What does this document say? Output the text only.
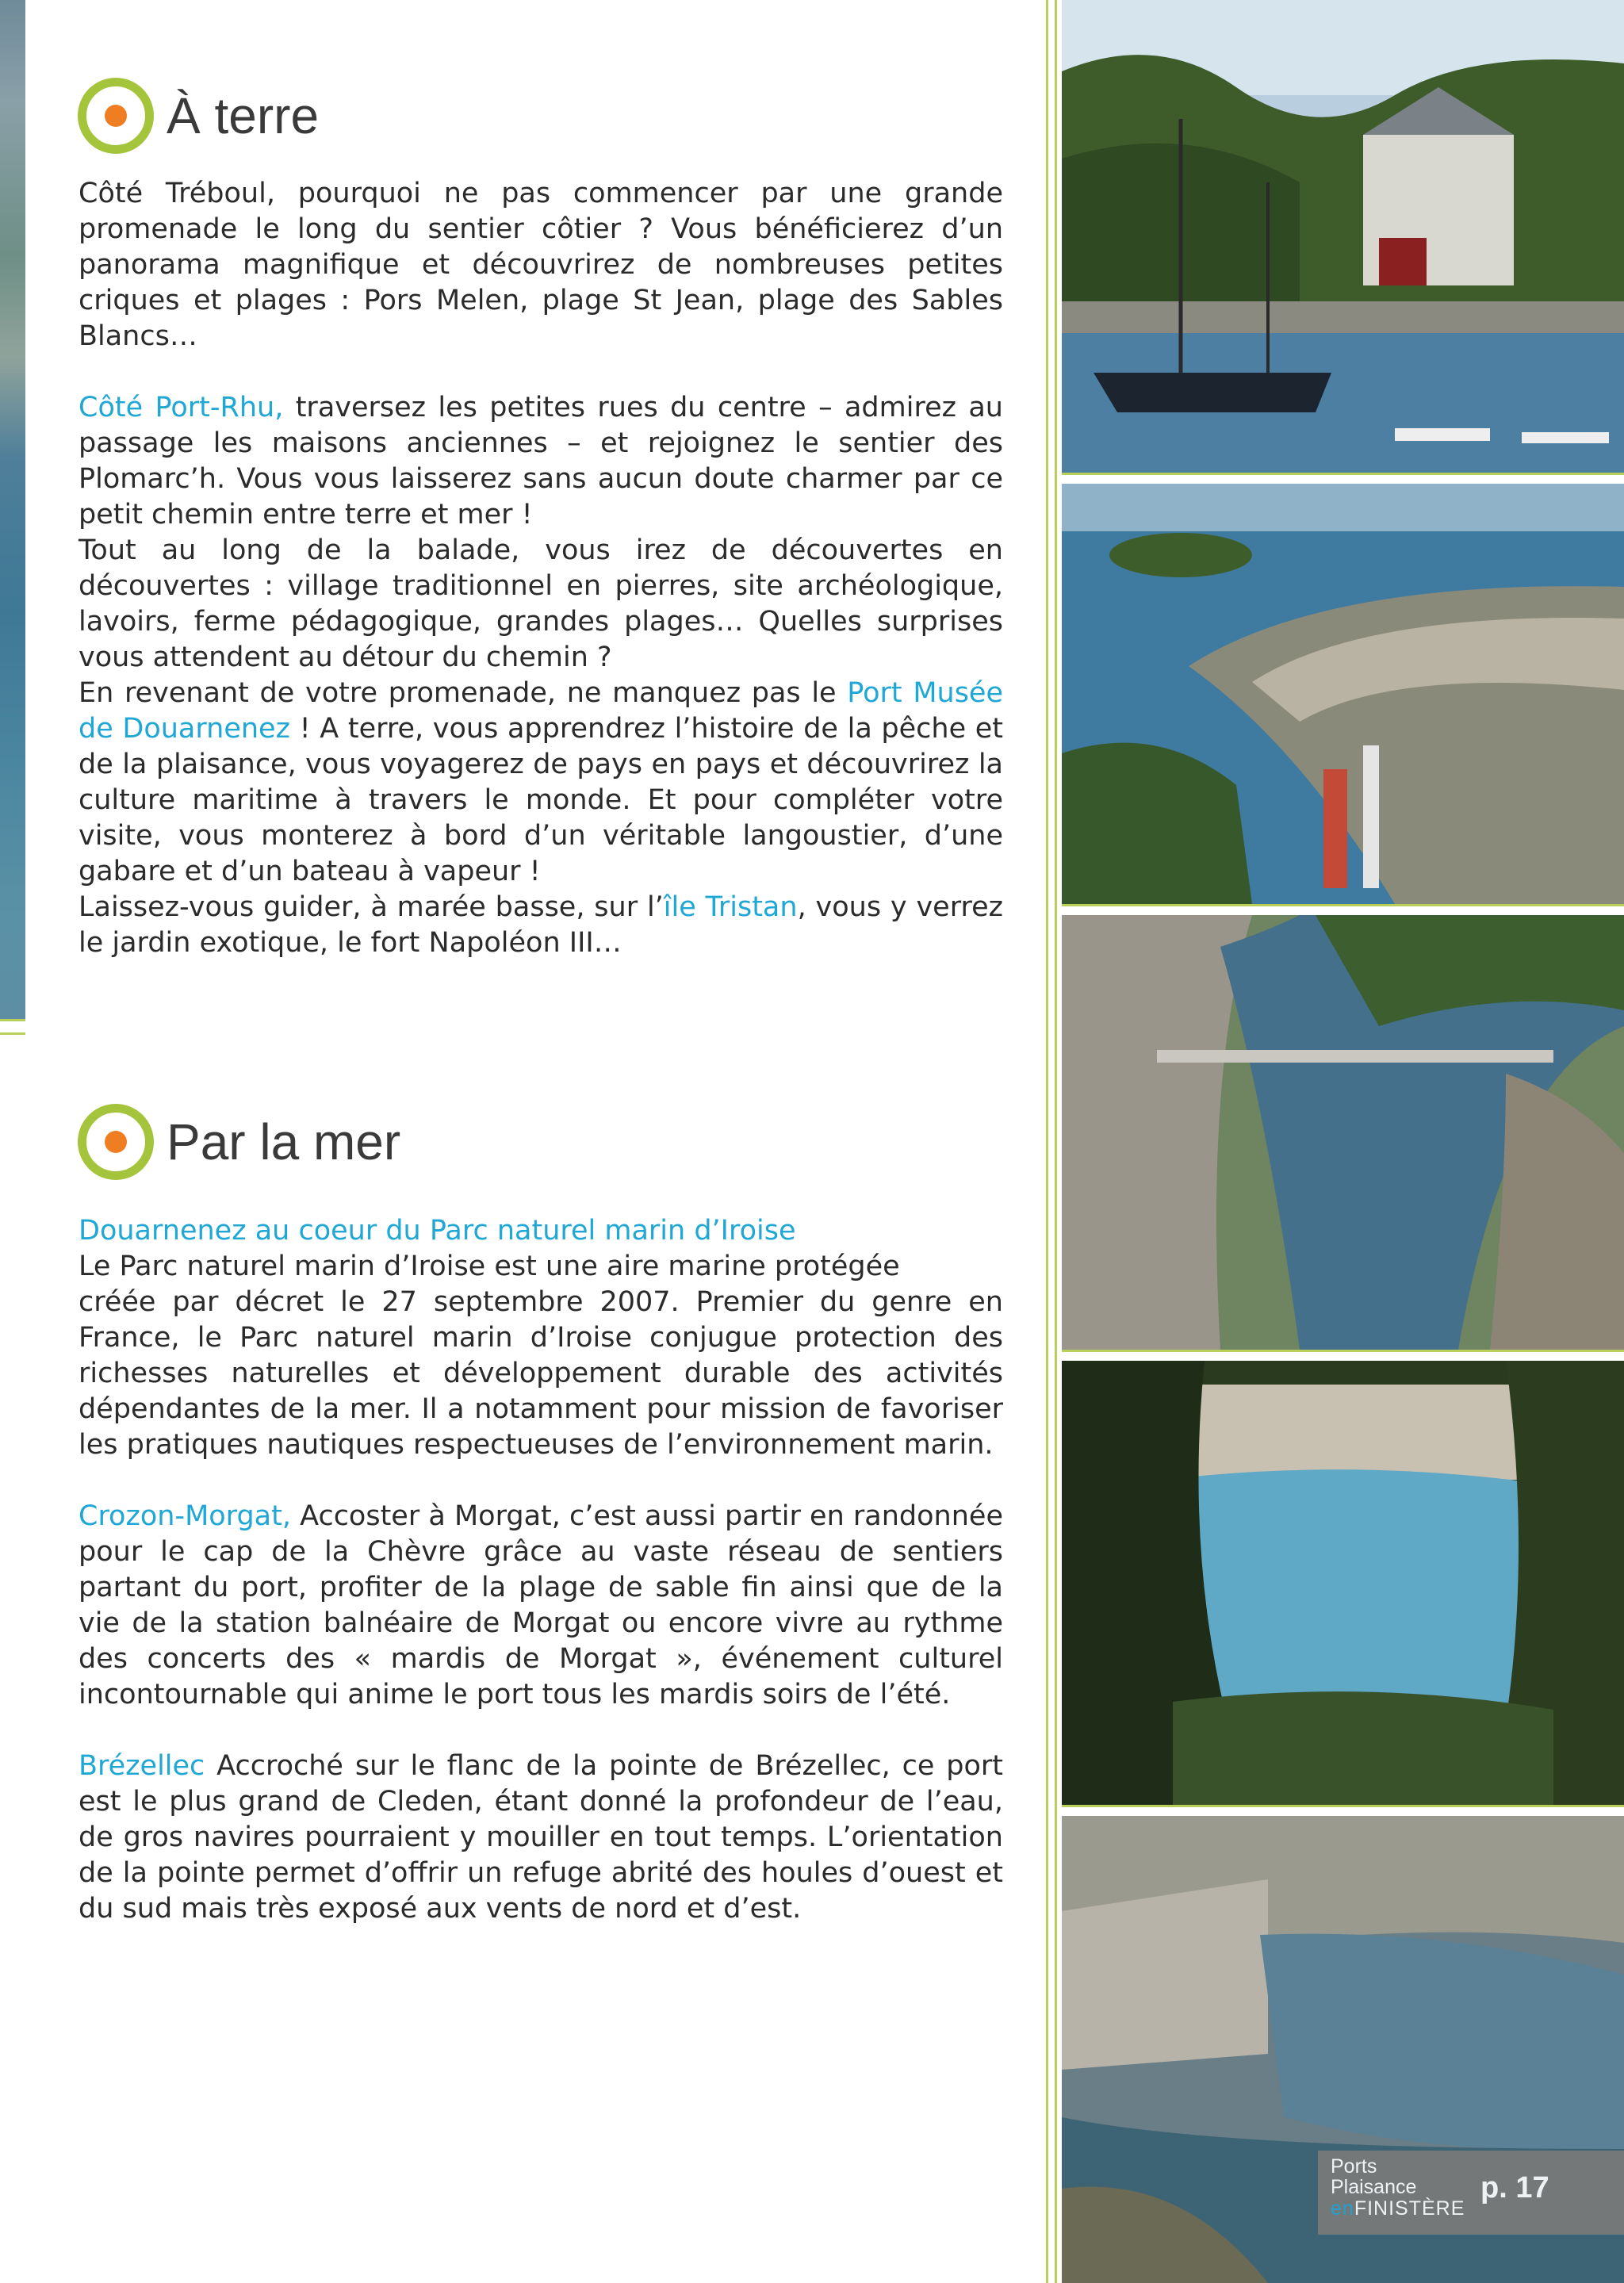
À terre

Côté Tréboul, pourquoi ne pas commencer par une grande promenade le long du sentier côtier ? Vous bénéficierez d’un panorama magnifique et découvrirez de nombreuses petites criques et plages : Pors Melen, plage St Jean, plage des Sables Blancs…

Côté Port-Rhu, traversez les petites rues du centre – admirez au passage les maisons anciennes – et rejoignez le sentier des Plomarc’h. Vous vous laisserez sans aucun doute charmer par ce petit chemin entre terre et mer !

Tout au long de la balade, vous irez de découvertes en découvertes : village traditionnel en pierres, site archéologique, lavoirs, ferme pédagogique, grandes plages… Quelles surprises vous attendent au détour du chemin ?

En revenant de votre promenade, ne manquez pas le Port Musée de Douarnenez ! A terre, vous apprendrez l’histoire de la pêche et de la plaisance, vous voyagerez de pays en pays et découvrirez la culture maritime à travers le monde. Et pour compléter votre visite, vous monterez à bord d’un véritable langoustier, d’une gabare et d’un bateau à vapeur !

Laissez-vous guider, à marée basse, sur l’île Tristan, vous y verrez le jardin exotique, le fort Napoléon III…

Par la mer

Douarnenez au coeur du Parc naturel marin d’Iroise

Le Parc naturel marin d’Iroise est une aire marine protégée

créée par décret le 27 septembre 2007. Premier du genre en France, le Parc naturel marin d’Iroise conjugue protection des richesses naturelles et développement durable des activités dépendantes de la mer. Il a notamment pour mission de favoriser les pratiques nautiques respectueuses de l’environnement marin.

Crozon-Morgat, Accoster à Morgat, c’est aussi partir en randonnée pour le cap de la Chèvre grâce au vaste réseau de sentiers partant du port, profiter de la plage de sable fin ainsi que de la vie de la station balnéaire de Morgat ou encore vivre au rythme des concerts des « mardis de Morgat », événement culturel incontournable qui anime le port tous les mardis soirs de l’été.

Brézellec Accroché sur le flanc de la pointe de Brézellec, ce port est le plus grand de Cleden, étant donné la profondeur de l’eau, de gros navires pourraient y mouiller en tout temps. L’orientation de la pointe permet d’offrir un refuge abrité des houles d’ouest et du sud mais très exposé aux vents de nord et d’est.

Ports
Plaisance
enFINISTÈRE
p. 17
